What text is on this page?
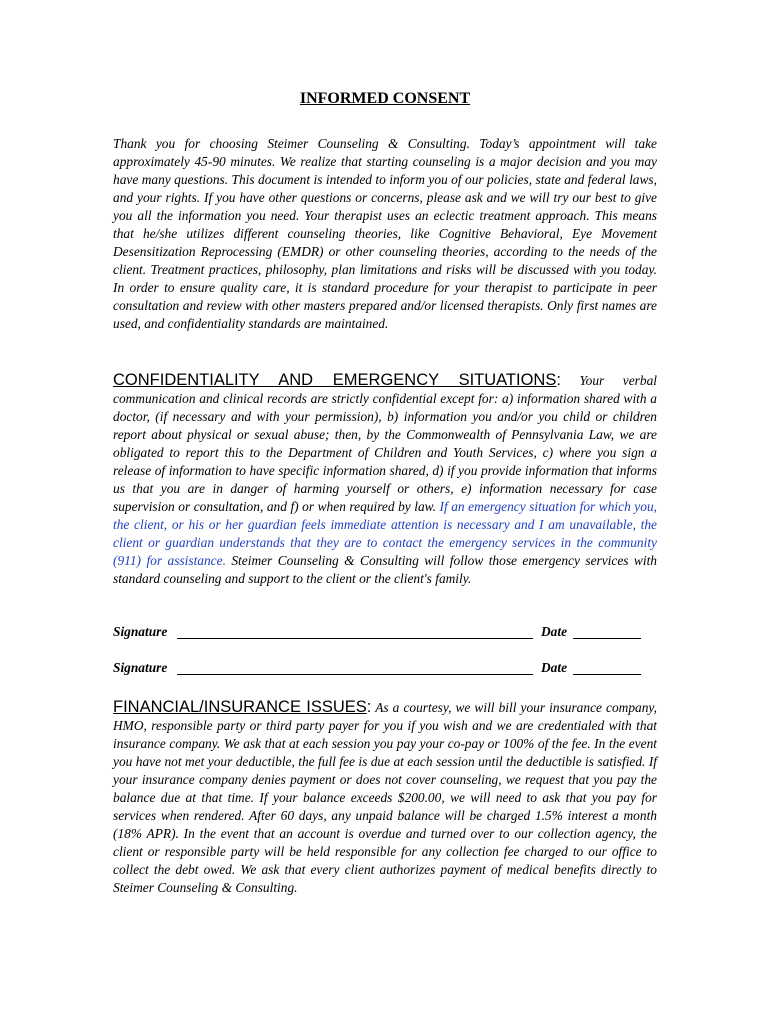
INFORMED CONSENT

Thank you for choosing Steimer Counseling & Consulting. Today’s appointment will take approximately 45-90 minutes. We realize that starting counseling is a major decision and you may have many questions. This document is intended to inform you of our policies, state and federal laws, and your rights. If you have other questions or concerns, please ask and we will try our best to give you all the information you need. Your therapist uses an eclectic treatment approach. This means that he/she utilizes different counseling theories, like Cognitive Behavioral, Eye Movement Desensitization Reprocessing (EMDR) or other counseling theories, according to the needs of the client. Treatment practices, philosophy, plan limitations and risks will be discussed with you today. In order to ensure quality care, it is standard procedure for your therapist to participate in peer consultation and review with other masters prepared and/or licensed therapists. Only first names are used, and confidentiality standards are maintained.

CONFIDENTIALITY AND EMERGENCY SITUATIONS: Your verbal communication and clinical records are strictly confidential except for: a) information shared with a doctor, (if necessary and with your permission), b) information you and/or you child or children report about physical or sexual abuse; then, by the Commonwealth of Pennsylvania Law, we are obligated to report this to the Department of Children and Youth Services, c) where you sign a release of information to have specific information shared, d) if you provide information that informs us that you are in danger of harming yourself or others, e) information necessary for case supervision or consultation, and f) or when required by law. If an emergency situation for which you, the client, or his or her guardian feels immediate attention is necessary and I am unavailable, the client or guardian understands that they are to contact the emergency services in the community (911) for assistance. Steimer Counseling & Consulting will follow those emergency services with standard counseling and support to the client or the client's family.

Signature	Date
Signature	Date

FINANCIAL/INSURANCE ISSUES: As a courtesy, we will bill your insurance company, HMO, responsible party or third party payer for you if you wish and we are credentialed with that insurance company. We ask that at each session you pay your co-pay or 100% of the fee. In the event you have not met your deductible, the full fee is due at each session until the deductible is satisfied. If your insurance company denies payment or does not cover counseling, we request that you pay the balance due at that time. If your balance exceeds $200.00, we will need to ask that you pay for services when rendered. After 60 days, any unpaid balance will be charged 1.5% interest a month (18% APR). In the event that an account is overdue and turned over to our collection agency, the client or responsible party will be held responsible for any collection fee charged to our office to collect the debt owed. We ask that every client authorizes payment of medical benefits directly to Steimer Counseling & Consulting.
